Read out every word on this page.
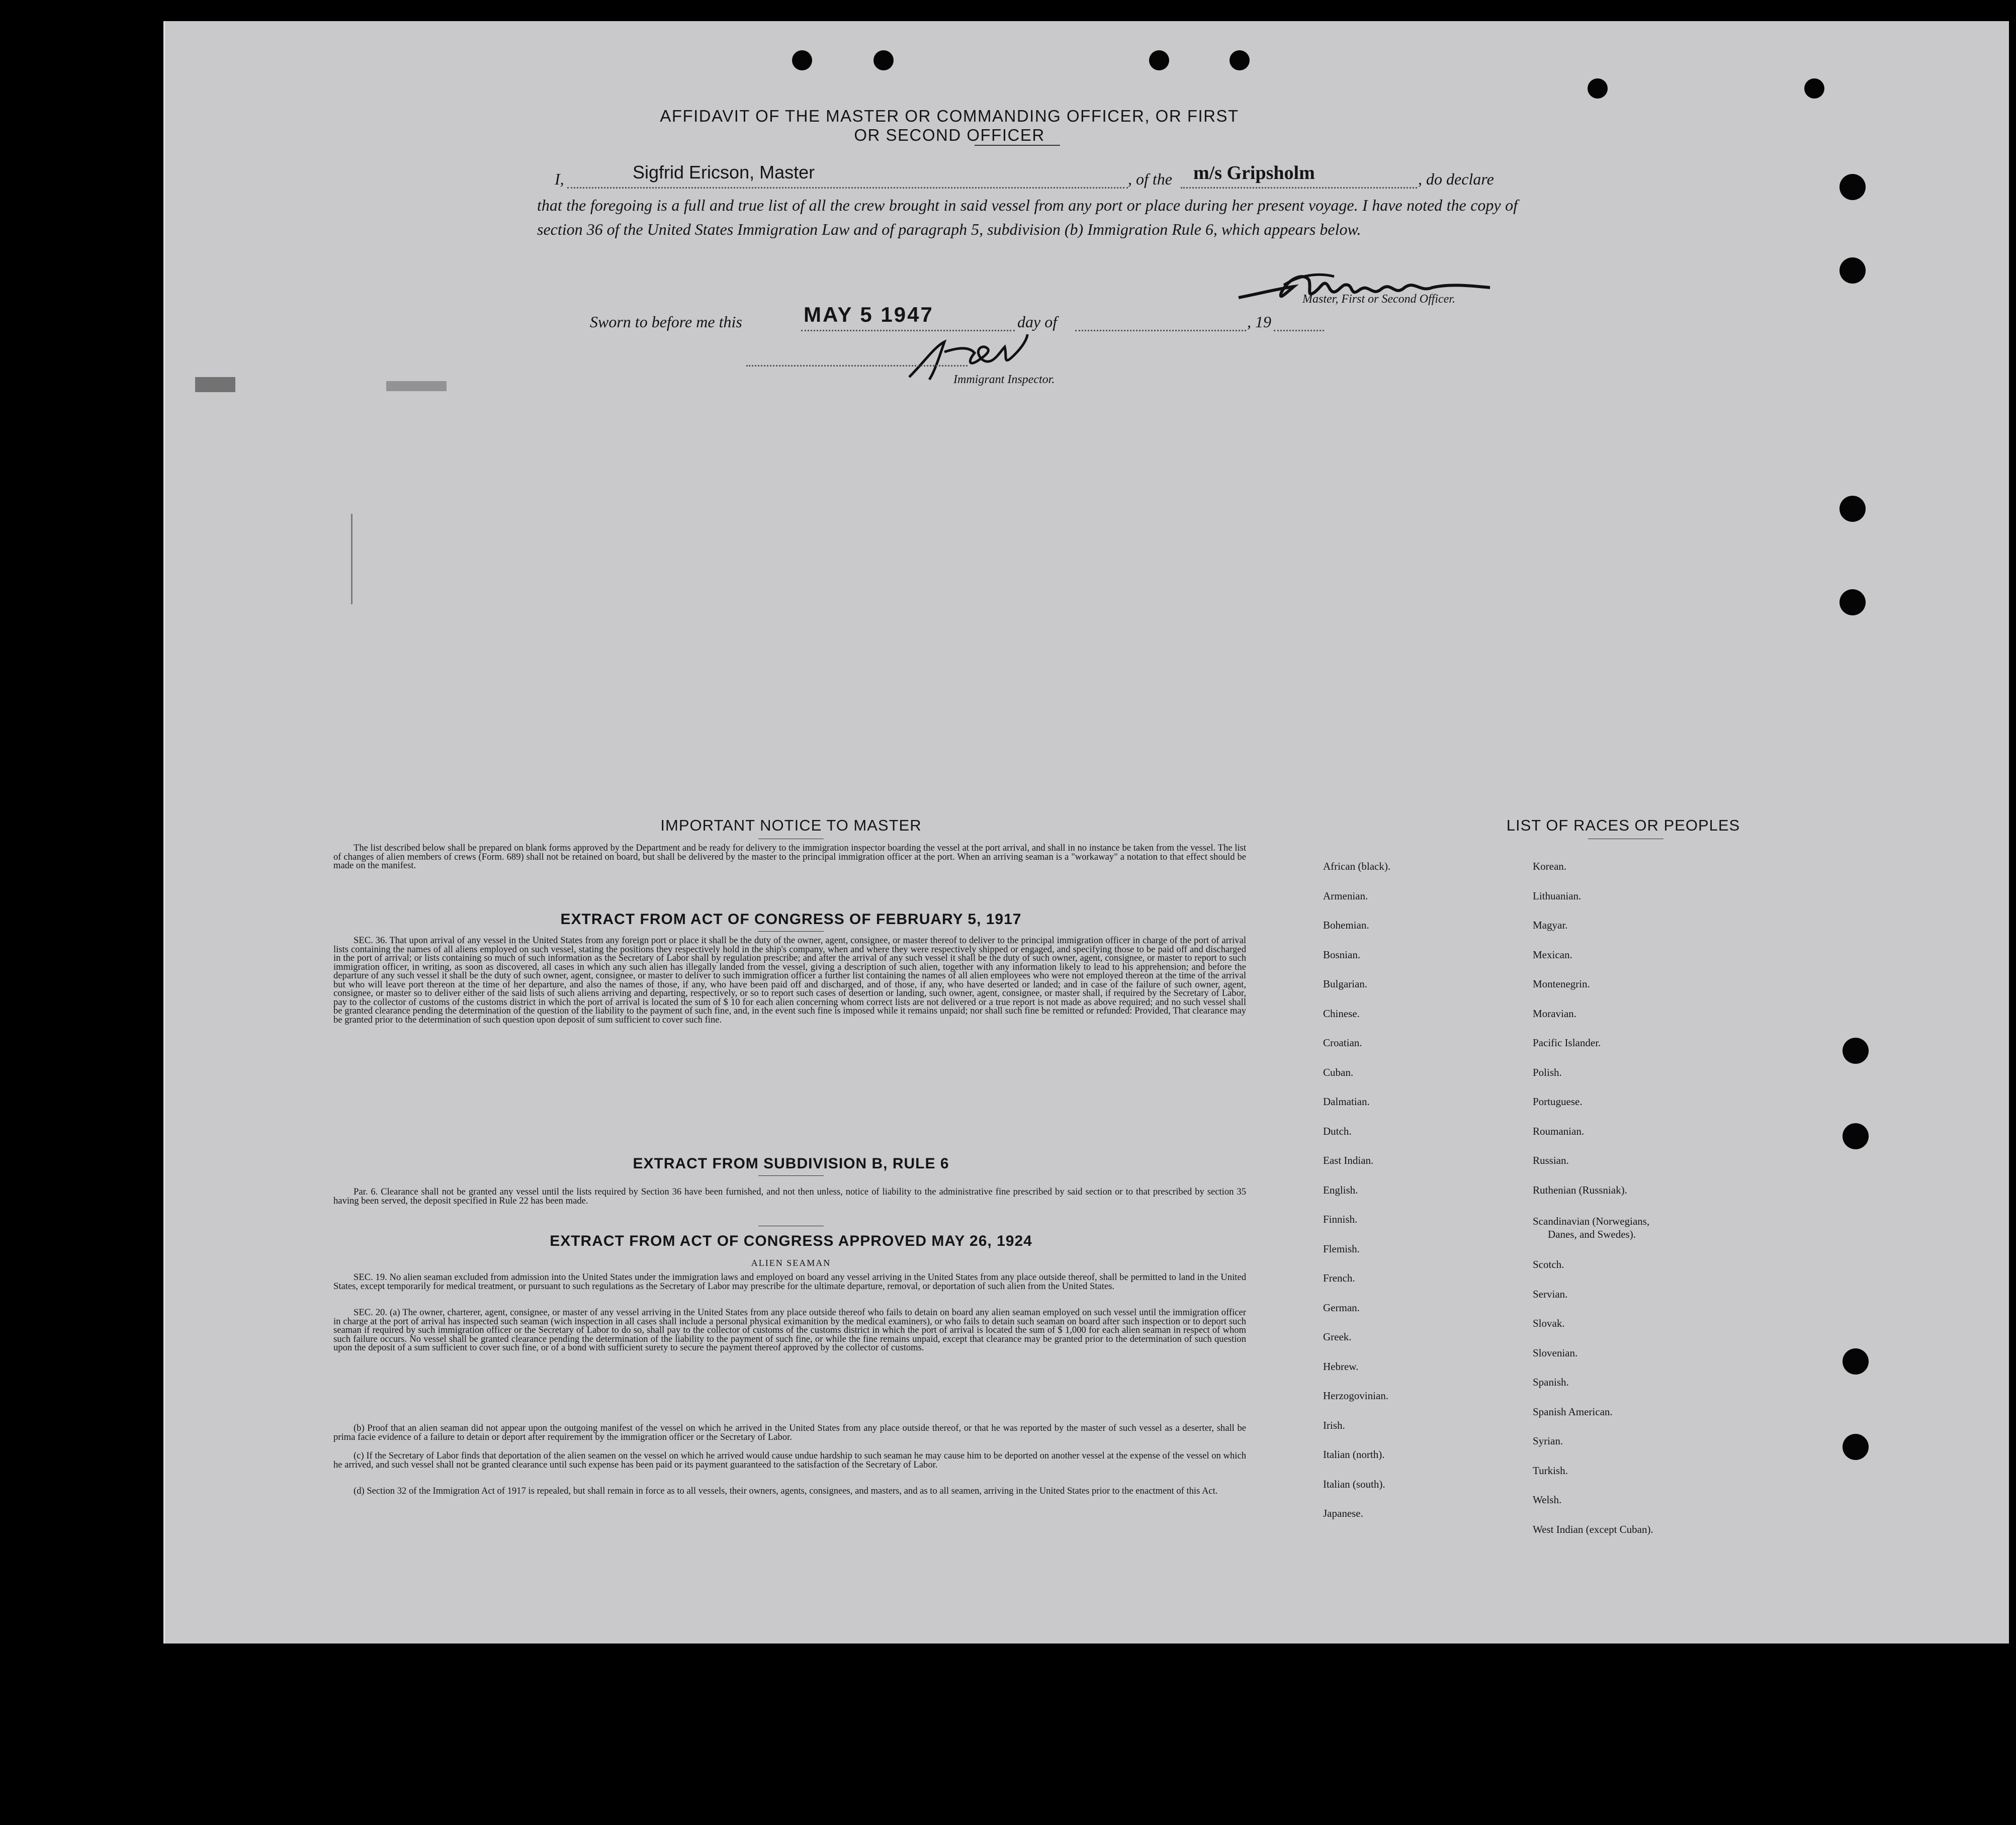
AFFIDAVIT OF THE MASTER OR COMMANDING OFFICER, OR FIRST OR SECOND OFFICER
I,	Sigfrid Ericson, Master	, of the m/s Gripsholm	, do declare
that the foregoing is a full and true list of all the crew brought in said vessel from any port or place during her present voyage. I have noted the copy of section 36 of the United States Immigration Law and of paragraph 5, subdivision (b) Immigration Rule 6, which appears below.
Master, First or Second Officer.
Sworn to before me this	MAY 5 1947	day of	, 19
Immigrant Inspector.
IMPORTANT NOTICE TO MASTER
The list described below shall be prepared on blank forms approved by the Department and be ready for delivery to the immigration inspector boarding the vessel at the port arrival, and shall in no instance be taken from the vessel. The list of changes of alien members of crews (Form. 689) shall not be retained on board, but shall be delivered by the master to the principal immigration officer at the port. When an arriving seaman is a "workaway" a notation to that effect should be made on the manifest.
EXTRACT FROM ACT OF CONGRESS OF FEBRUARY 5, 1917
SEC. 36. That upon arrival of any vessel in the United States from any foreign port or place it shall be the duty of the owner, agent, consignee, or master thereof to deliver to the principal immigration officer in charge of the port of arrival lists containing the names of all aliens employed on such vessel, stating the positions they respectively hold in the ship's company, when and where they were respectively shipped or engaged, and specifying those to be paid off and discharged in the port of arrival; or lists containing so much of such information as the Secretary of Labor shall by regulation prescribe; and after the arrival of any such vessel it shall be the duty of such owner, agent, consignee, or master to report to such immigration officer, in writing, as soon as discovered, all cases in which any such alien has illegally landed from the vessel, giving a description of such alien, together with any information likely to lead to his apprehension; and before the departure of any such vessel it shall be the duty of such owner, agent, consignee, or master to deliver to such immigration officer a further list containing the names of all alien employees who were not employed thereon at the time of the arrival but who will leave port thereon at the time of her departure, and also the names of those, if any, who have been paid off and discharged, and of those, if any, who have deserted or landed; and in case of the failure of such owner, agent, consignee, or master so to deliver either of the said lists of such aliens arriving and departing, respectively, or so to report such cases of desertion or landing, such owner, agent, consignee, or master shall, if required by the Secretary of Labor, pay to the collector of customs of the customs district in which the port of arrival is located the sum of $ 10 for each alien concerning whom correct lists are not delivered or a true report is not made as above required; and no such vessel shall be granted clearance pending the determination of the question of the liability to the payment of such fine, and, in the event such fine is imposed while it remains unpaid; nor shall such fine be remitted or refunded: Provided, That clearance may be granted prior to the determination of such question upon deposit of sum sufficient to cover such fine.
EXTRACT FROM SUBDIVISION B, RULE 6
Par. 6. Clearance shall not be granted any vessel until the lists required by Section 36 have been furnished, and not then unless, notice of liability to the administrative fine prescribed by said section or to that prescribed by section 35 having been served, the deposit specified in Rule 22 has been made.
EXTRACT FROM ACT OF CONGRESS APPROVED MAY 26, 1924
ALIEN SEAMAN
SEC. 19. No alien seaman excluded from admission into the United States under the immigration laws and employed on board any vessel arriving in the United States from any place outside thereof, shall be permitted to land in the United States, except temporarily for medical treatment, or pursuant to such regulations as the Secretary of Labor may prescribe for the ultimate departure, removal, or deportation of such alien from the United States.
SEC. 20. (a) The owner, charterer, agent, consignee, or master of any vessel arriving in the United States from any place outside thereof who fails to detain on board any alien seaman employed on such vessel until the immigration officer in charge at the port of arrival has inspected such seaman (wich inspection in all cases shall include a personal physical eximanition by the medical examiners), or who fails to detain such seaman on board after such inspection or to deport such seaman if required by such immigration officer or the Secretary of Labor to do so, shall pay to the collector of customs of the customs district in which the port of arrival is located the sum of $ 1,000 for each alien seaman in respect of whom such failure occurs. No vessel shall be granted clearance pending the determination of the liability to the payment of such fine, or while the fine remains unpaid, except that clearance may be granted prior to the determination of such question upon the deposit of a sum sufficient to cover such fine, or of a bond with sufficient surety to secure the payment thereof approved by the collector of customs.
(b) Proof that an alien seaman did not appear upon the outgoing manifest of the vessel on which he arrived in the United States from any place outside thereof, or that he was reported by the master of such vessel as a deserter, shall be prima facie evidence of a failure to detain or deport after requirement by the immigration officer or the Secretary of Labor.
(c) If the Secretary of Labor finds that deportation of the alien seamen on the vessel on which he arrived would cause undue hardship to such seaman he may cause him to be deported on another vessel at the expense of the vessel on which he arrived, and such vessel shall not be granted clearance until such expense has been paid or its payment guaranteed to the satisfaction of the Secretary of Labor.
(d) Section 32 of the Immigration Act of 1917 is repealed, but shall remain in force as to all vessels, their owners, agents, consignees, and masters, and as to all seamen, arriving in the United States prior to the enactment of this Act.
LIST OF RACES OR PEOPLES
African (black).
Armenian.
Bohemian.
Bosnian.
Bulgarian.
Chinese.
Croatian.
Cuban.
Dalmatian.
Dutch.
East Indian.
English.
Finnish.
Flemish.
French.
German.
Greek.
Hebrew.
Herzogovinian.
Irish.
Italian (north).
Italian (south).
Japanese.
Korean.
Lithuanian.
Magyar.
Mexican.
Montenegrin.
Moravian.
Pacific Islander.
Polish.
Portuguese.
Roumanian.
Russian.
Ruthenian (Russniak).
Scandinavian (Norwegians,
Danes, and Swedes).
Scotch.
Servian.
Slovak.
Slovenian.
Spanish.
Spanish American.
Syrian.
Turkish.
Welsh.
West Indian (except Cuban).
